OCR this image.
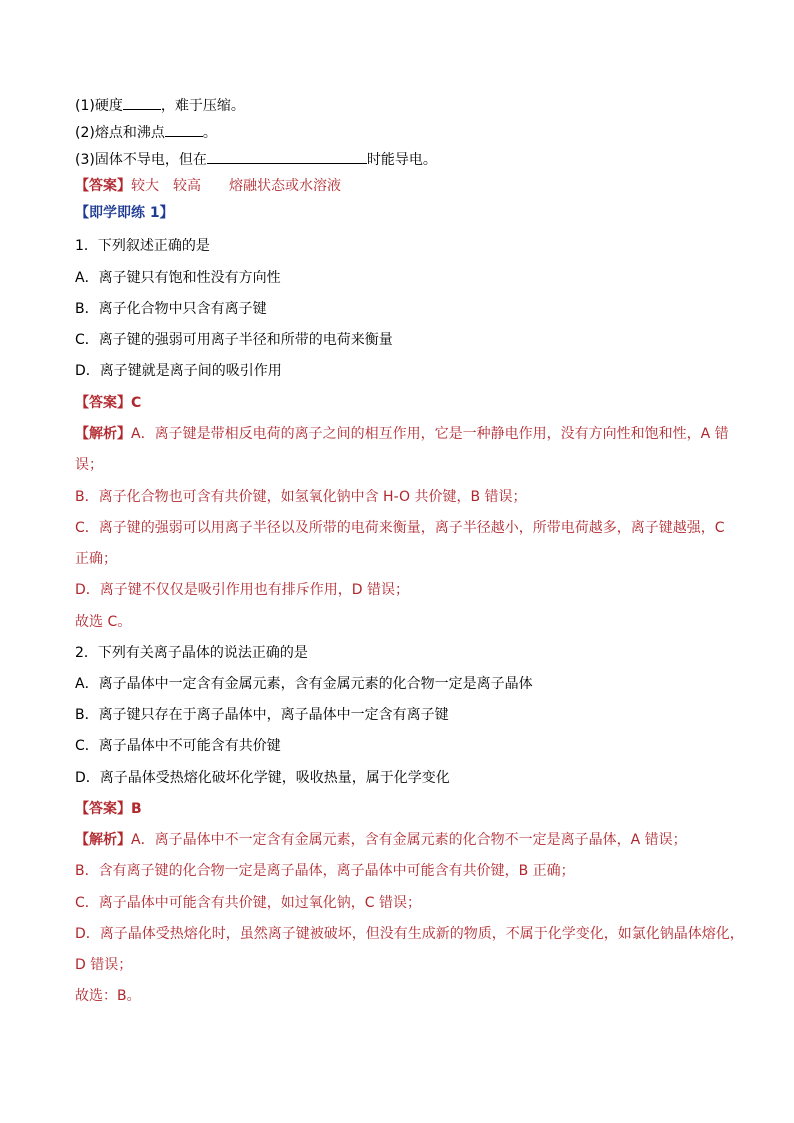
(1)硬度	，难于压缩。
(2)熔点和沸点	。
(3)固体不导电，但在	时能导电。
【答案】较大 较高 熔融状态或水溶液
【即学即练 1】
1．下列叙述正确的是
A．离子键只有饱和性没有方向性
B．离子化合物中只含有离子键
C．离子键的强弱可用离子半径和所带的电荷来衡量
D．离子键就是离子间的吸引作用
【答案】C
【解析】A．离子键是带相反电荷的离子之间的相互作用，它是一种静电作用，没有方向性和饱和性，A 错
误；
B．离子化合物也可含有共价键，如氢氧化钠中含 H-O 共价键，B 错误；
C．离子键的强弱可以用离子半径以及所带的电荷来衡量，离子半径越小，所带电荷越多，离子键越强，C
正确；
D．离子键不仅仅是吸引作用也有排斥作用，D 错误；
故选 C。
2．下列有关离子晶体的说法正确的是
A．离子晶体中一定含有金属元素，含有金属元素的化合物一定是离子晶体
B．离子键只存在于离子晶体中，离子晶体中一定含有离子键
C．离子晶体中不可能含有共价键
D．离子晶体受热熔化破坏化学键，吸收热量，属于化学变化
【答案】B
【解析】A．离子晶体中不一定含有金属元素，含有金属元素的化合物不一定是离子晶体，A 错误；
B．含有离子键的化合物一定是离子晶体，离子晶体中可能含有共价键，B 正确；
C．离子晶体中可能含有共价键，如过氧化钠，C 错误；
D．离子晶体受热熔化时，虽然离子键被破坏，但没有生成新的物质，不属于化学变化，如氯化钠晶体熔化，
D 错误；
故选：B。
